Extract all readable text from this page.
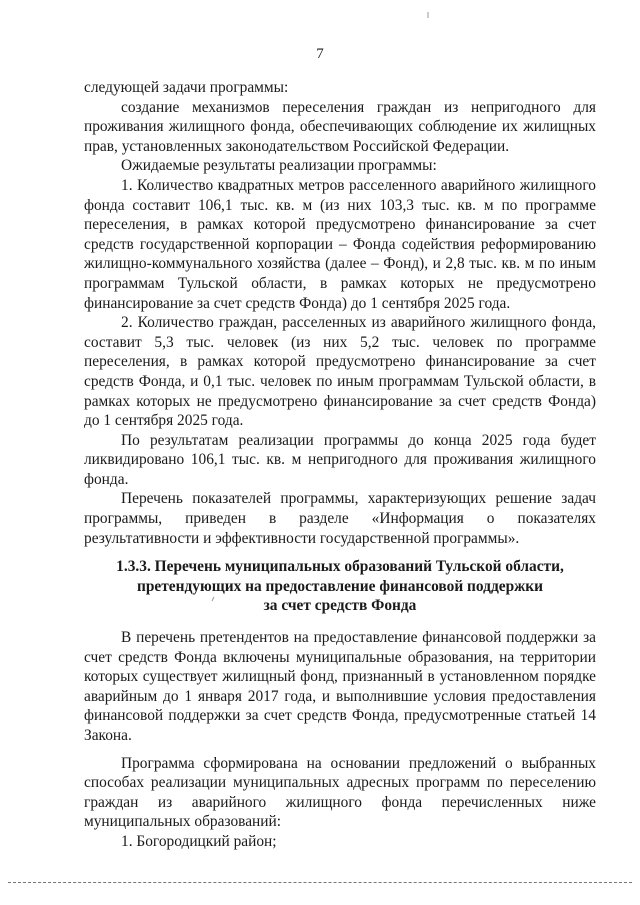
7

следующей задачи программы:

создание механизмов переселения граждан из непригодного для проживания жилищного фонда, обеспечивающих соблюдение их жилищных прав, установленных законодательством Российской Федерации.

Ожидаемые результаты реализации программы:

1. Количество квадратных метров расселенного аварийного жилищного фонда составит 106,1 тыс. кв. м (из них 103,3 тыс. кв. м по программе переселения, в рамках которой предусмотрено финансирование за счет средств государственной корпорации – Фонда содействия реформированию жилищно-коммунального хозяйства (далее – Фонд), и 2,8 тыс. кв. м по иным программам Тульской области, в рамках которых не предусмотрено финансирование за счет средств Фонда) до 1 сентября 2025 года.

2. Количество граждан, расселенных из аварийного жилищного фонда, составит 5,3 тыс. человек (из них 5,2 тыс. человек по программе переселения, в рамках которой предусмотрено финансирование за счет средств Фонда, и 0,1 тыс. человек по иным программам Тульской области, в рамках которых не предусмотрено финансирование за счет средств Фонда) до 1 сентября 2025 года.

По результатам реализации программы до конца 2025 года будет ликвидировано 106,1 тыс. кв. м непригодного для проживания жилищного фонда.

Перечень показателей программы, характеризующих решение задач программы, приведен в разделе «Информация о показателях результативности и эффективности государственной программы».

1.3.3. Перечень муниципальных образований Тульской области,
претендующих на предоставление финансовой поддержки
за счет средств Фонда

В перечень претендентов на предоставление финансовой поддержки за счет средств Фонда включены муниципальные образования, на территории которых существует жилищный фонд, признанный в установленном порядке аварийным до 1 января 2017 года, и выполнившие условия предоставления финансовой поддержки за счет средств Фонда, предусмотренные статьей 14 Закона.

Программа сформирована на основании предложений о выбранных способах реализации муниципальных адресных программ по переселению граждан из аварийного жилищного фонда перечисленных ниже муниципальных образований:

1. Богородицкий район;
